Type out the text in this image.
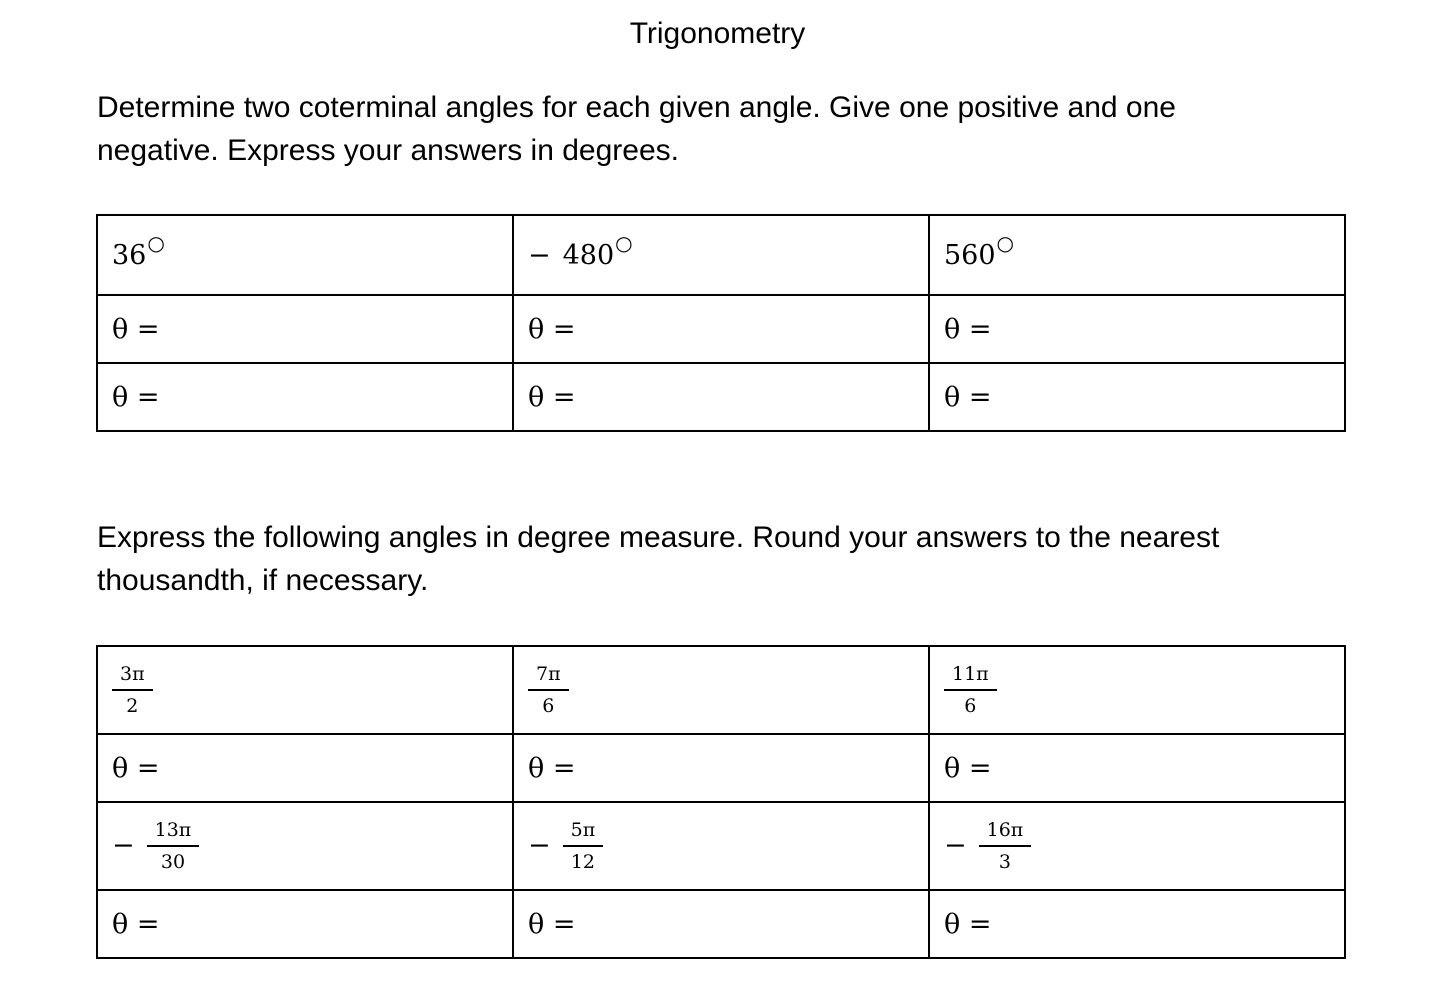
Trigonometry
Determine two coterminal angles for each given angle. Give one positive and one
negative. Express your answers in degrees.
36○	− 480○	560○
θ =	θ =	θ =
θ =	θ =	θ =
Express the following angles in degree measure. Round your answers to the nearest
thousandth, if necessary.
$\frac{3\pi}{2}$	$\frac{7\pi}{6}$	$\frac{11\pi}{6}$

θ =	θ =	θ =
− $\frac{13\pi}{30}$	− $\frac{5\pi}{12}$	− $\frac{16\pi}{3}$

θ =	θ =	θ =
